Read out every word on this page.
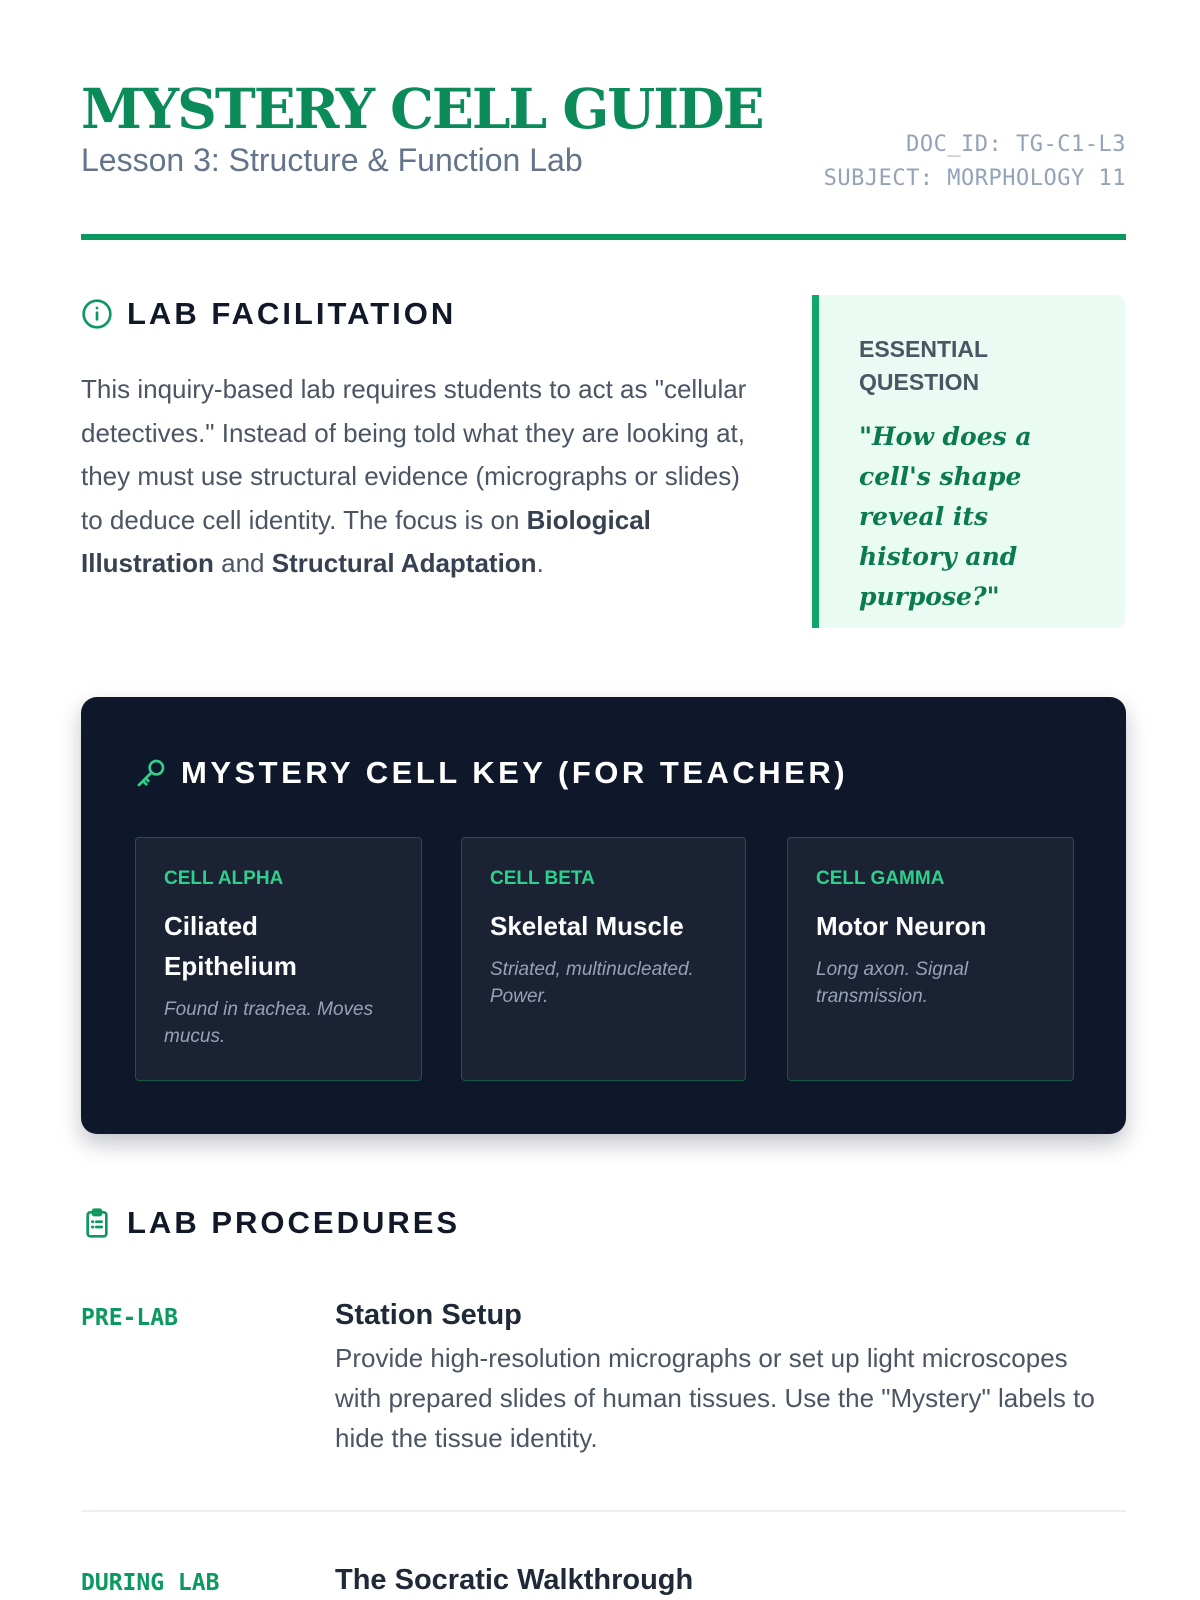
MYSTERY CELL GUIDE
Lesson 3: Structure & Function Lab	DOC_ID: TG-C1-L3
SUBJECT: MORPHOLOGY 11
LAB FACILITATION

This inquiry-based lab requires students to act as "cellular detectives." Instead of being told what they are looking at, they must use structural evidence (micrographs or slides) to deduce cell identity. The focus is on Biological Illustration and Structural Adaptation.

ESSENTIAL QUESTION
"How does a cell's shape reveal its history and purpose?"
MYSTERY CELL KEY (FOR TEACHER)
CELL ALPHA
Ciliated Epithelium
Found in trachea. Moves mucus.
CELL BETA
Skeletal Muscle
Striated, multinucleated. Power.
CELL GAMMA
Motor Neuron
Long axon. Signal transmission.
LAB PROCEDURES
PRE-LAB	Station Setup
Provide high-resolution micrographs or set up light microscopes with prepared slides of human tissues. Use the "Mystery" labels to hide the tissue identity.
DURING LAB	The Socratic Walkthrough
